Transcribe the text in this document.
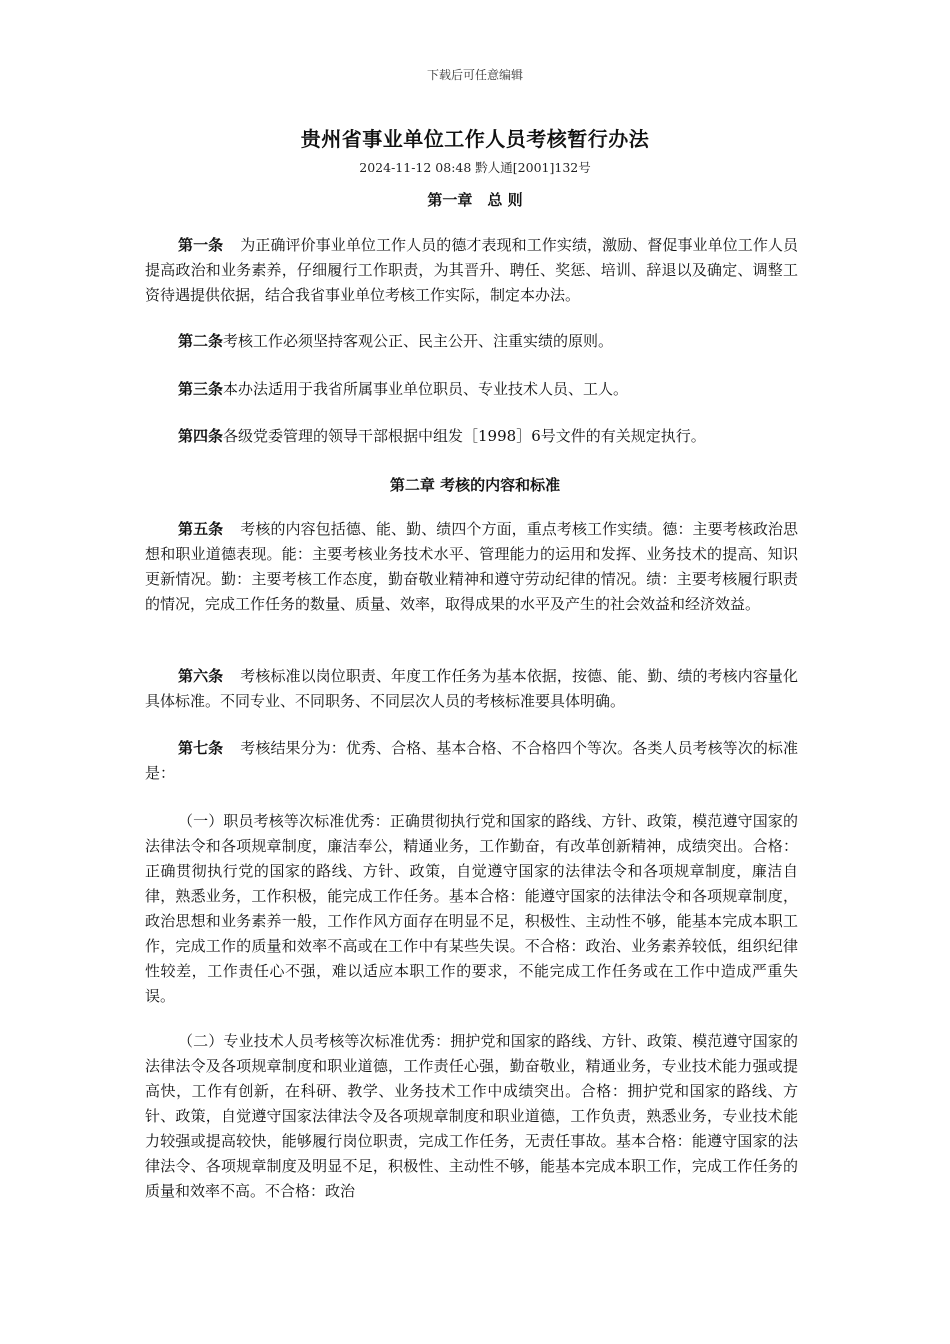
下载后可任意编辑
贵州省事业单位工作人员考核暂行办法
2024-11-12 08:48 黔人通[2001]132号
第一章　总 则
第一条 为正确评价事业单位工作人员的德才表现和工作实绩，激励、督促事业单位工作人员提高政治和业务素养，仔细履行工作职责，为其晋升、聘任、奖惩、培训、辞退以及确定、调整工资待遇提供依据，结合我省事业单位考核工作实际，制定本办法。
第二条考核工作必须坚持客观公正、民主公开、注重实绩的原则。
第三条本办法适用于我省所属事业单位职员、专业技术人员、工人。
第四条各级党委管理的领导干部根据中组发［1998］6号文件的有关规定执行。
第二章 考核的内容和标准
第五条 考核的内容包括德、能、勤、绩四个方面，重点考核工作实绩。德：主要考核政治思想和职业道德表现。能：主要考核业务技术水平、管理能力的运用和发挥、业务技术的提高、知识更新情况。勤：主要考核工作态度，勤奋敬业精神和遵守劳动纪律的情况。绩：主要考核履行职责的情况，完成工作任务的数量、质量、效率，取得成果的水平及产生的社会效益和经济效益。
第六条 考核标准以岗位职责、年度工作任务为基本依据，按德、能、勤、绩的考核内容量化具体标准。不同专业、不同职务、不同层次人员的考核标准要具体明确。
第七条 考核结果分为：优秀、合格、基本合格、不合格四个等次。各类人员考核等次的标准是：
（一）职员考核等次标准优秀：正确贯彻执行党和国家的路线、方针、政策，模范遵守国家的法律法令和各项规章制度，廉洁奉公，精通业务，工作勤奋，有改革创新精神，成绩突出。合格：正确贯彻执行党的国家的路线、方针、政策，自觉遵守国家的法律法令和各项规章制度，廉洁自律，熟悉业务，工作积极，能完成工作任务。基本合格：能遵守国家的法律法令和各项规章制度，政治思想和业务素养一般，工作作风方面存在明显不足，积极性、主动性不够，能基本完成本职工作，完成工作的质量和效率不高或在工作中有某些失误。不合格：政治、业务素养较低，组织纪律性较差，工作责任心不强，难以适应本职工作的要求，不能完成工作任务或在工作中造成严重失误。
（二）专业技术人员考核等次标准优秀：拥护党和国家的路线、方针、政策、模范遵守国家的法律法令及各项规章制度和职业道德，工作责任心强，勤奋敬业，精通业务，专业技术能力强或提高快，工作有创新，在科研、教学、业务技术工作中成绩突出。合格：拥护党和国家的路线、方针、政策，自觉遵守国家法律法令及各项规章制度和职业道德，工作负责，熟悉业务，专业技术能力较强或提高较快，能够履行岗位职责，完成工作任务，无责任事故。基本合格：能遵守国家的法律法令、各项规章制度及明显不足，积极性、主动性不够，能基本完成本职工作，完成工作任务的质量和效率不高。不合格：政治
